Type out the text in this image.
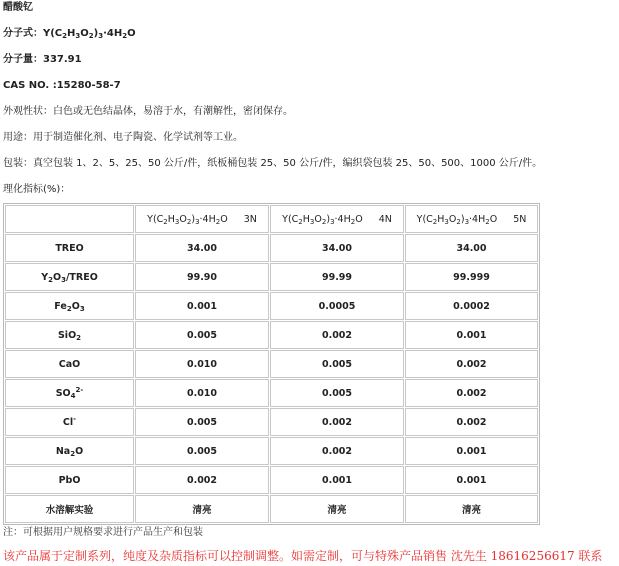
醋酸钇
分子式：$Y(C_2H_3O_2)_3\cdot 4H_2O$
分子量：337.91
CAS NO. :15280-58-7
外观性状：白色或无色结晶体，易溶于水，有潮解性，密闭保存。
用途：用于制造催化剂、电子陶瓷、化学试剂等工业。
包装：真空包装 1、2、5、25、50 公斤/件，纸板桶包装 25、50 公斤/件，编织袋包装 25、50、500、1000 公斤/件。
理化指标(%)：

	$Y(C_2H_3O_2)_3\cdot 4H_2O$ 3N	$Y(C_2H_3O_2)_3\cdot 4H_2O$ 4N	$Y(C_2H_3O_2)_3\cdot 4H_2O$ 5N

TREO	34.00	34.00	34.00
$Y_2O_3$/TREO	99.90	99.99	99.999
$Fe_2O_3$	0.001	0.0005	0.0002
SiO$_2$	0.005	0.002	0.001
CaO	0.010	0.005	0.002
$SO_4^{2-}$	0.010	0.005	0.002
Cl-	0.005	0.002	0.002
$Na_2O$	0.005	0.002	0.001
PbO	0.002	0.001	0.001
水溶解实验	清亮	清亮	清亮
注：可根据用户规格要求进行产品生产和包装
该产品属于定制系列，纯度及杂质指标可以控制调整。如需定制，可与特殊产品销售 沈先生 18616256617 联系
